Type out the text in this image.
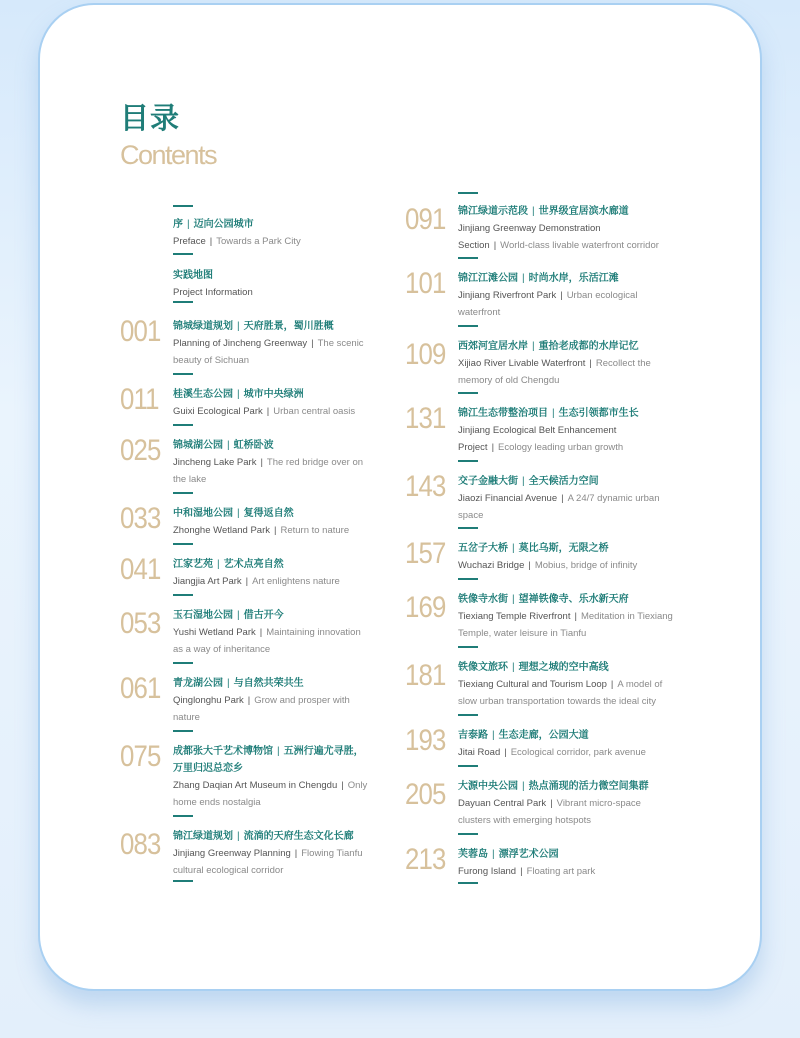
目录
Contents
序 | 迈向公园城市
Preface | Towards a Park City
实践地图
Project Information
001 锦城绿道规划 | 天府胜景，蜀川胜概
Planning of Jincheng Greenway | The scenic beauty of Sichuan
011	桂溪生态公园 | 城市中央绿洲
Guixi Ecological Park | Urban central oasis
025 锦城湖公园 | 虹桥卧波
Jincheng Lake Park | The red bridge over on the lake
033 中和湿地公园 | 复得返自然
Zhonghe Wetland Park | Return to nature
041 江家艺苑 | 艺术点亮自然
Jiangjia Art Park | Art enlightens nature
053 玉石湿地公园 | 借古开今
Yushi Wetland Park | Maintaining innovation as a way of inheritance
061 青龙湖公园 | 与自然共荣共生
Qinglonghu Park | Grow and prosper with nature
075 成都张大千艺术博物馆 | 五洲行遍尤寻胜，万里归迟总恋乡
Zhang Daqian Art Museum in Chengdu | Only home ends nostalgia
083 锦江绿道规划 | 流淌的天府生态文化长廊
Jinjiang Greenway Planning | Flowing Tianfu cultural ecological corridor
091 锦江绿道示范段 | 世界级宜居滨水廊道
Jinjiang Greenway Demonstration Section | World-class livable waterfront corridor
101 锦江江滩公园 | 时尚水岸，乐活江滩
Jinjiang Riverfront Park | Urban ecological waterfront
109 西郊河宜居水岸 | 重拾老成都的水岸记忆
Xijiao River Livable Waterfront | Recollect the memory of old Chengdu
131 锦江生态带整治项目 | 生态引领都市生长
Jinjiang Ecological Belt Enhancement Project | Ecology leading urban growth
143 交子金融大街 | 全天候活力空间
Jiaozi Financial Avenue | A 24/7 dynamic urban space
157 五岔子大桥 | 莫比乌斯，无限之桥
Wuchazi Bridge | Mobius, bridge of infinity
169 铁像寺水街 | 望禅铁像寺、乐水新天府
Tiexiang Temple Riverfront | Meditation in Tiexiang Temple, water leisure in Tianfu
181 铁像文旅环 | 理想之城的空中高线
Tiexiang Cultural and Tourism Loop | A model of slow urban transportation towards the ideal city
193 吉泰路 | 生态走廊，公园大道
Jitai Road | Ecological corridor, park avenue
205 大源中央公园 | 热点涌现的活力微空间集群
Dayuan Central Park | Vibrant micro-space clusters with emerging hotspots
213 芙蓉岛 | 漂浮艺术公园
Furong Island | Floating art park
